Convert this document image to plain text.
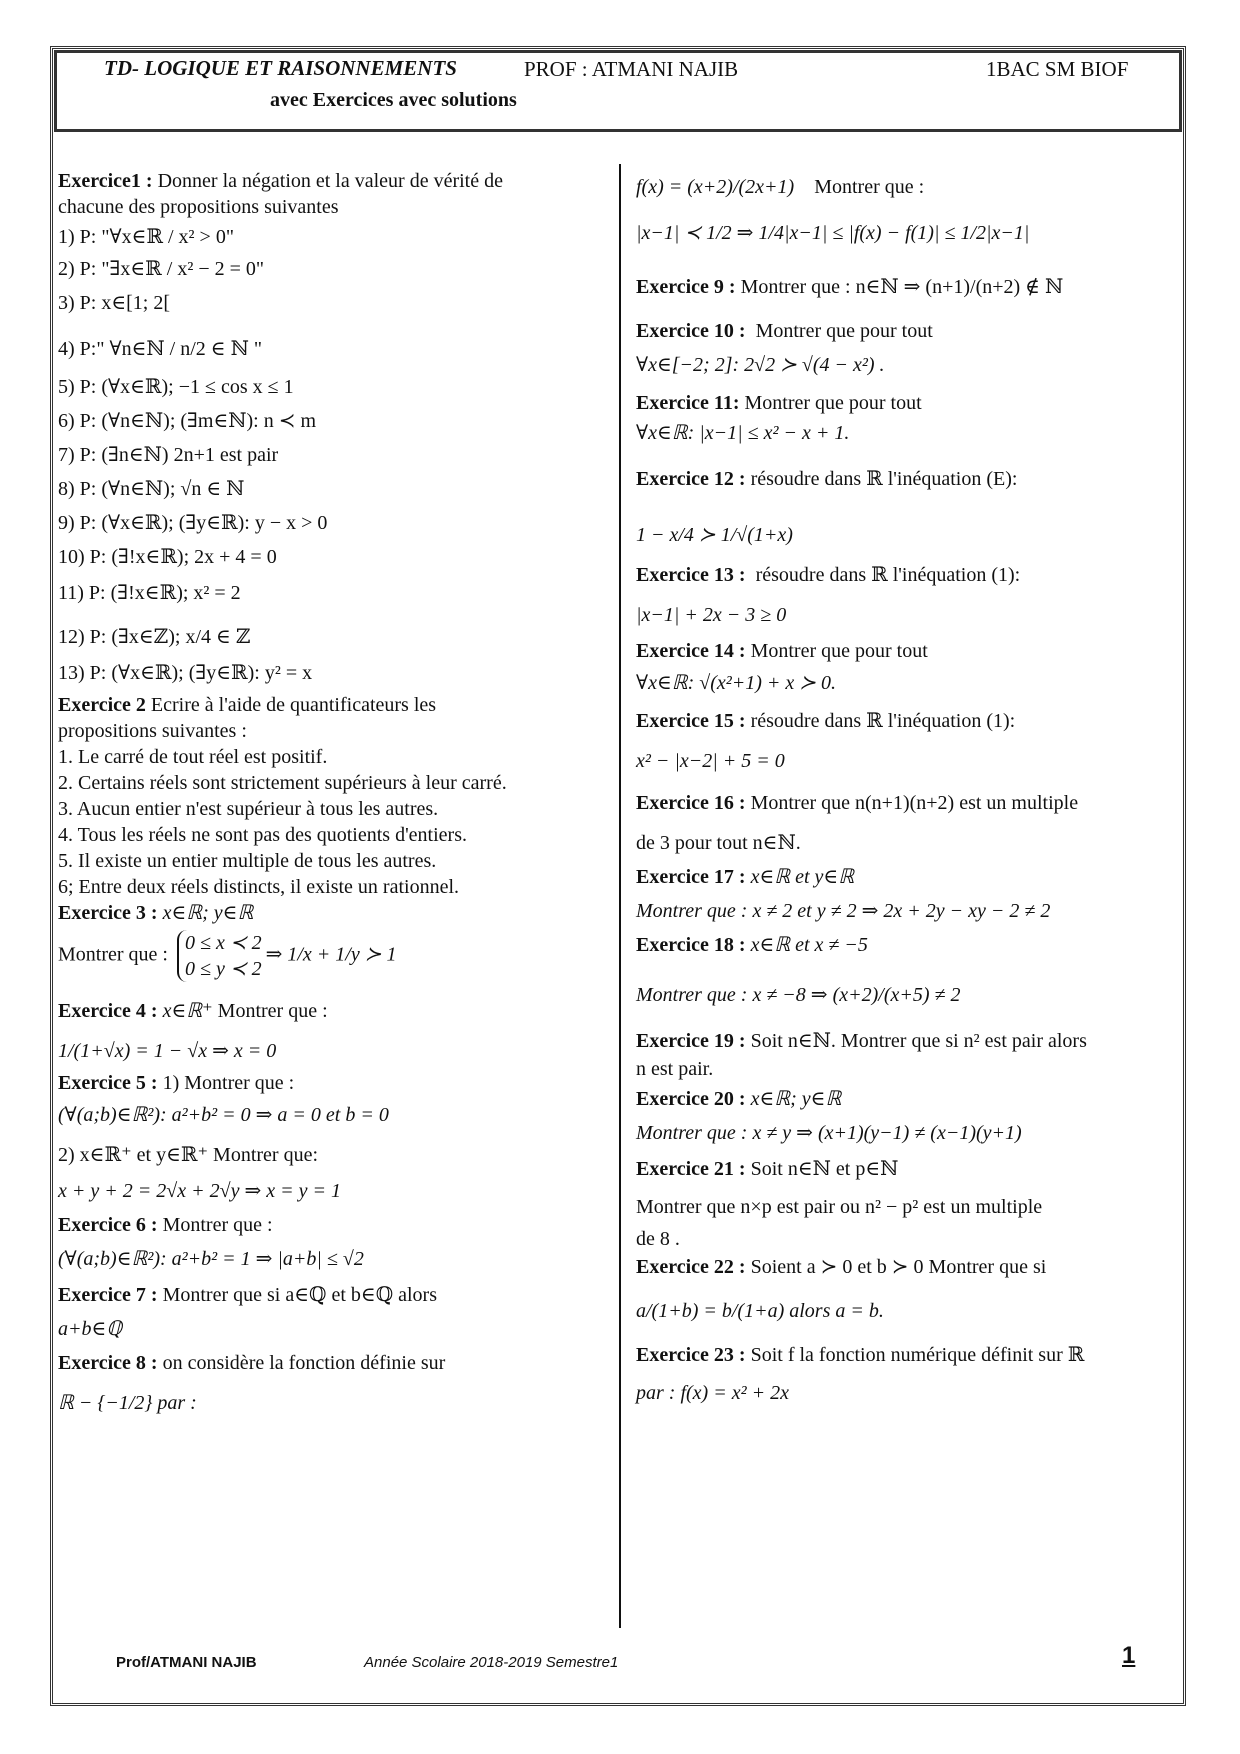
TD- LOGIQUE ET RAISONNEMENTS	PROF : ATMANI NAJIB	1BAC SM BIOF
avec Exercices avec solutions
Exercice1 : Donner la négation et la valeur de vérité de
chacune des propositions suivantes
1) P: "∀x∈ℝ / x² > 0"
2) P: "∃x∈ℝ / x² − 2 = 0"
3) P: x∈[1; 2[
4) P:" ∀n∈ℕ / n/2 ∈ ℕ "
5) P: (∀x∈ℝ); −1 ≤ cos x ≤ 1
6) P: (∀n∈ℕ); (∃m∈ℕ): n ≺ m
7) P: (∃n∈ℕ) 2n+1 est pair
8) P: (∀n∈ℕ); √n ∈ ℕ
9) P: (∀x∈ℝ); (∃y∈ℝ): y − x > 0
10) P: (∃!x∈ℝ); 2x + 4 = 0
11) P: (∃!x∈ℝ); x² = 2
12) P: (∃x∈ℤ); x/4 ∈ ℤ
13) P: (∀x∈ℝ); (∃y∈ℝ): y² = x
Exercice 2 Ecrire à l'aide de quantificateurs les
propositions suivantes :
1. Le carré de tout réel est positif.
2. Certains réels sont strictement supérieurs à leur carré.
3. Aucun entier n'est supérieur à tous les autres.
4. Tous les réels ne sont pas des quotients d'entiers.
5. Il existe un entier multiple de tous les autres.
6; Entre deux réels distincts, il existe un rationnel.
Exercice 3 : x∈ℝ; y∈ℝ
Montrer que :
0 ≤ x ≺ 2
0 ≤ y ≺ 2
⇒ 1/x + 1/y ≻ 1
Exercice 4 : x∈ℝ⁺ Montrer que :
1/(1+√x) = 1 − √x ⇒ x = 0
Exercice 5 : 1) Montrer que :
(∀(a;b)∈ℝ²): a²+b² = 0 ⇒ a = 0 et b = 0
2) x∈ℝ⁺ et y∈ℝ⁺ Montrer que:
x + y + 2 = 2√x + 2√y ⇒ x = y = 1
Exercice 6 : Montrer que :
(∀(a;b)∈ℝ²): a²+b² = 1 ⇒ |a+b| ≤ √2
Exercice 7 : Montrer que si a∈ℚ et b∈ℚ alors
a+b∈ℚ
Exercice 8 : on considère la fonction définie sur
ℝ − {−1/2} par :
f(x) = (x+2)/(2x+1) Montrer que :
|x−1| ≺ 1/2 ⇒ 1/4|x−1| ≤ |f(x) − f(1)| ≤ 1/2|x−1|
Exercice 9 : Montrer que : n∈ℕ ⇒ (n+1)/(n+2) ∉ ℕ
Exercice 10 : Montrer que pour tout
∀x∈[−2; 2]: 2√2 ≻ √(4 − x²) .
Exercice 11: Montrer que pour tout
∀x∈ℝ: |x−1| ≤ x² − x + 1.
Exercice 12 : résoudre dans ℝ l'inéquation (E):
1 − x/4 ≻ 1/√(1+x)
Exercice 13 : résoudre dans ℝ l'inéquation (1):
|x−1| + 2x − 3 ≥ 0
Exercice 14 : Montrer que pour tout
∀x∈ℝ: √(x²+1) + x ≻ 0.
Exercice 15 : résoudre dans ℝ l'inéquation (1):
x² − |x−2| + 5 = 0
Exercice 16 : Montrer que n(n+1)(n+2) est un multiple
de 3 pour tout n∈ℕ.
Exercice 17 : x∈ℝ et y∈ℝ
Montrer que : x ≠ 2 et y ≠ 2 ⇒ 2x + 2y − xy − 2 ≠ 2
Exercice 18 : x∈ℝ et x ≠ −5
Montrer que : x ≠ −8 ⇒ (x+2)/(x+5) ≠ 2
Exercice 19 : Soit n∈ℕ. Montrer que si n² est pair alors
n est pair.
Exercice 20 : x∈ℝ; y∈ℝ
Montrer que : x ≠ y ⇒ (x+1)(y−1) ≠ (x−1)(y+1)
Exercice 21 : Soit n∈ℕ et p∈ℕ
Montrer que n×p est pair ou n² − p² est un multiple
de 8 .
Exercice 22 : Soient a ≻ 0 et b ≻ 0 Montrer que si
a/(1+b) = b/(1+a) alors a = b.
Exercice 23 : Soit f la fonction numérique définit sur ℝ
par : f(x) = x² + 2x
Prof/ATMANI NAJIB	Année Scolaire 2018-2019 Semestre1	1
